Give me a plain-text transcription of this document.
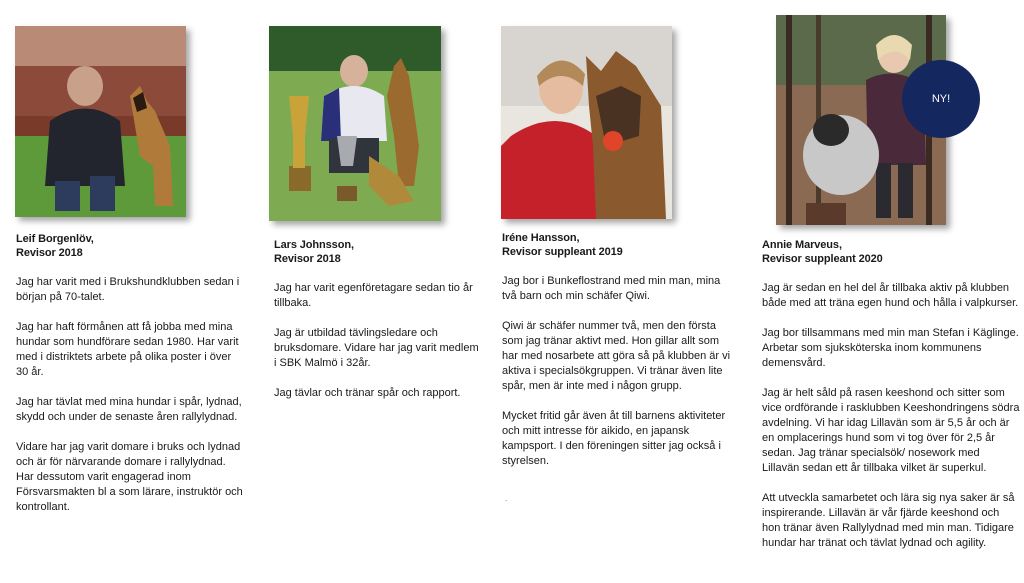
Leif Borgenlöv,
Revisor 2018

Jag har varit med i Brukshundklubben sedan i början på 70-talet.

Jag har haft förmånen att få jobba med mina hundar som hundförare sedan 1980. Har varit med i distriktets arbete på olika poster i över 30 år.

Jag har tävlat med mina hundar i spår, lydnad, skydd och under de senaste åren rallylydnad.

Vidare har jag varit domare i bruks och lydnad och är för närvarande domare i rallylydnad. Har dessutom varit engagerad inom Försvarsmakten bl a som lärare, instruktör och kontrollant.

Lars Johnsson,
Revisor 2018

Jag har varit egenföretagare sedan tio år tillbaka.

Jag är utbildad tävlingsledare och bruksdomare. Vidare har jag varit medlem i SBK Malmö i 32år.

Jag tävlar och tränar spår och rapport.

Iréne Hansson,
Revisor suppleant 2019

Jag bor i Bunkeflostrand med min man, mina två barn och min schäfer Qiwi.

Qiwi är schäfer nummer två, men den första som jag tränar aktivt med. Hon gillar allt som har med nosarbete att göra så på klubben är vi aktiva i specialsökgruppen. Vi tränar även lite spår, men är inte med i någon grupp.

Mycket fritid går även åt till barnens aktiviteter och mitt intresse för aikido, en japansk kampsport. I den föreningen sitter jag också i styrelsen.

.
NY!
Annie Marveus,
Revisor suppleant 2020

Jag är sedan en hel del år tillbaka aktiv på klubben både med att träna egen hund och hålla i valpkurser.

Jag bor tillsammans med min man Stefan i Käglinge. Arbetar som sjuksköterska inom kommunens demensvård.

Jag är helt såld på rasen keeshond och sitter som vice ordförande i rasklubben Keeshondringens södra avdelning. Vi har idag Lillavän som är 5,5 år och är en omplacerings hund som vi tog över för 2,5 år sedan. Jag tränar specialsök/ nosework med Lillavän sedan ett år tillbaka vilket är superkul.

Att utveckla samarbetet och lära sig nya saker är så inspirerande. Lillavän är vår fjärde keeshond och hon tränar även Rallylydnad med min man. Tidigare hundar har tränat och tävlat lydnad och agility.
